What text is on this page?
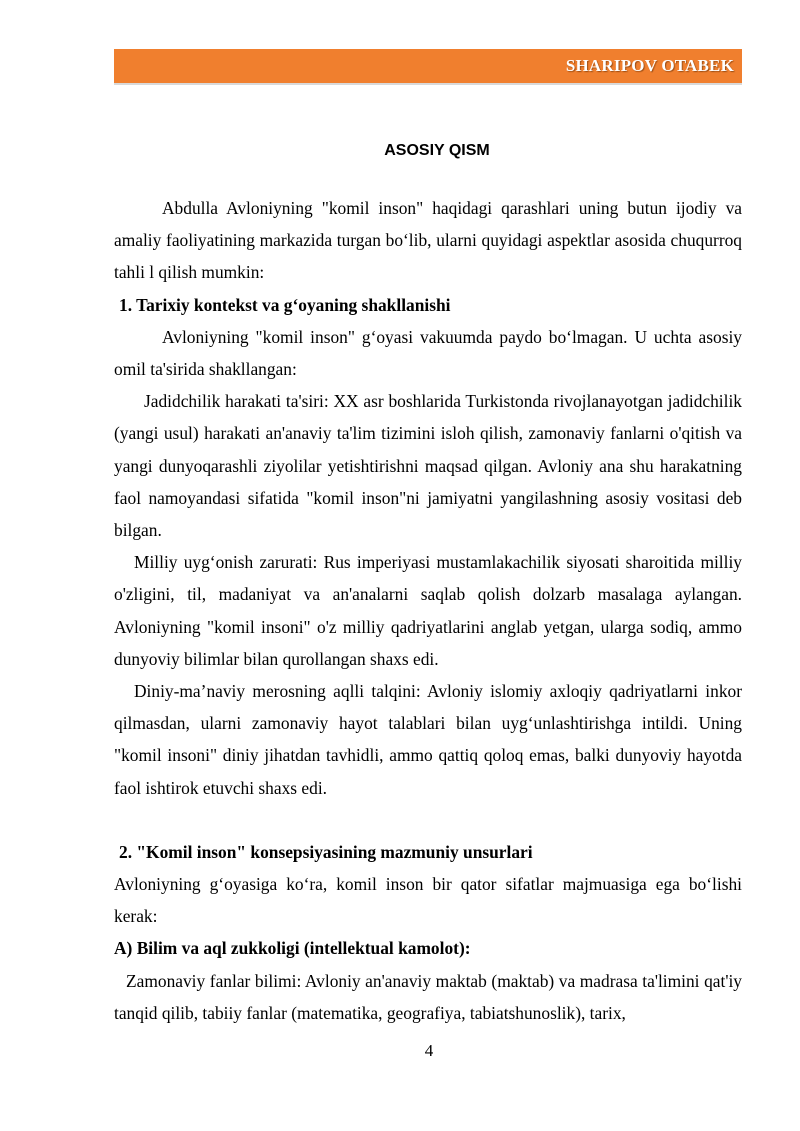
SHARIPOV OTABEK
ASOSIY QISM

Abdulla Avloniyning "komil inson" haqidagi qarashlari uning butun ijodiy va amaliy faoliyatining markazida turgan bo‘lib, ularni quyidagi aspektlar asosida chuqurroq tahli l qilish mumkin:

1. Tarixiy kontekst va g‘oyaning shakllanishi

Avloniyning "komil inson" g‘oyasi vakuumda paydo bo‘lmagan. U uchta asosiy omil ta'sirida shakllangan:

Jadidchilik harakati ta'siri: XX asr boshlarida Turkistonda rivojlanayotgan jadidchilik (yangi usul) harakati an'anaviy ta'lim tizimini isloh qilish, zamonaviy fanlarni o'qitish va yangi dunyoqarashli ziyolilar yetishtirishni maqsad qilgan. Avloniy ana shu harakatning faol namoyandasi sifatida "komil inson"ni jamiyatni yangilashning asosiy vositasi deb bilgan.

Milliy uyg‘onish zarurati: Rus imperiyasi mustamlakachilik siyosati sharoitida milliy o'zligini, til, madaniyat va an'analarni saqlab qolish dolzarb masalaga aylangan. Avloniyning "komil insoni" o'z milliy qadriyatlarini anglab yetgan, ularga sodiq, ammo dunyoviy bilimlar bilan qurollangan shaxs edi.

Diniy-ma’naviy merosning aqlli talqini: Avloniy islomiy axloqiy qadriyatlarni inkor qilmasdan, ularni zamonaviy hayot talablari bilan uyg‘unlashtirishga intildi. Uning "komil insoni" diniy jihatdan tavhidli, ammo qattiq qoloq emas, balki dunyoviy hayotda faol ishtirok etuvchi shaxs edi.

2. "Komil inson" konsepsiyasining mazmuniy unsurlari

Avloniyning g‘oyasiga ko‘ra, komil inson bir qator sifatlar majmuasiga ega bo‘lishi kerak:

A) Bilim va aql zukkoligi (intellektual kamolot):

Zamonaviy fanlar bilimi: Avloniy an'anaviy maktab (maktab) va madrasa ta'limini qat'iy tanqid qilib, tabiiy fanlar (matematika, geografiya, tabiatshunoslik), tarix,

4
